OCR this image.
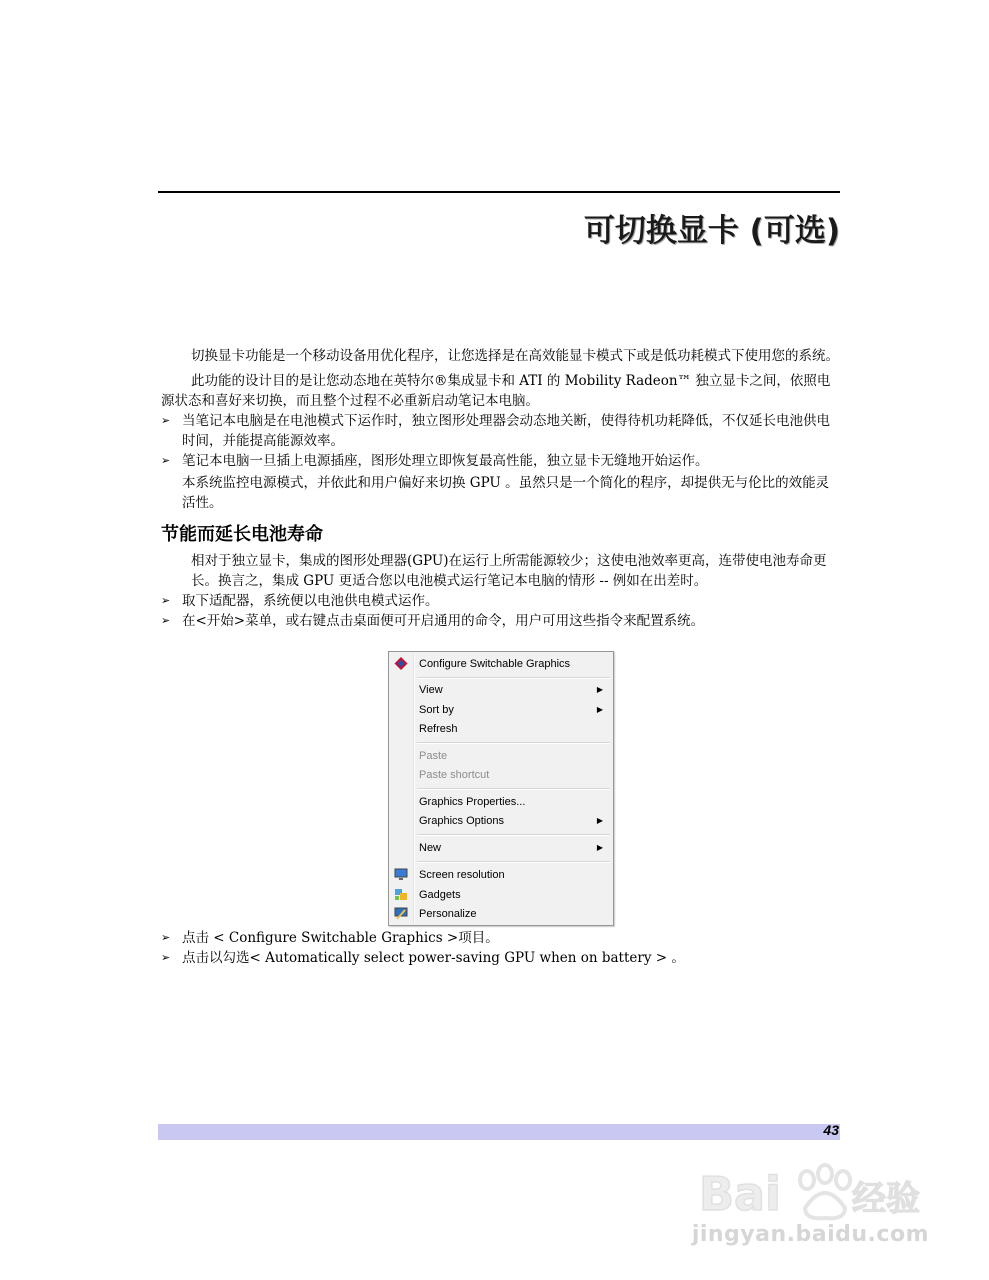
可切换显卡 (可选)

切换显卡功能是一个移动设备用优化程序，让您选择是在高效能显卡模式下或是低功耗模式下使用您的系统。

此功能的设计目的是让您动态地在英特尔®集成显卡和 ATI 的 Mobility Radeon™ 独立显卡之间，依照电源状态和喜好来切换，而且整个过程不必重新启动笔记本电脑。

➢ 当笔记本电脑是在电池模式下运作时，独立图形处理器会动态地关断，使得待机功耗降低，不仅延长电池供电时间，并能提高能源效率。
➢ 笔记本电脑一旦插上电源插座，图形处理立即恢复最高性能，独立显卡无缝地开始运作。

本系统监控电源模式，并依此和用户偏好来切换 GPU 。虽然只是一个简化的程序，却提供无与伦比的效能灵活性。

节能而延长电池寿命

相对于独立显卡，集成的图形处理器(GPU)在运行上所需能源较少；这使电池效率更高，连带使电池寿命更长。换言之，集成 GPU 更适合您以电池模式运行笔记本电脑的情形 -- 例如在出差时。

➢ 取下适配器，系统便以电池供电模式运作。
➢ 在<开始>菜单，或右键点击桌面便可开启通用的命令，用户可用这些指令来配置系统。
Configure Switchable Graphics
View	▶
Sort by	▶
Refresh
Paste
Paste shortcut
Graphics Properties...
Graphics Options	▶
New	▶
Screen resolution
Gadgets
Personalize
➢ 点击 < Configure Switchable Graphics >项目。
➢ 点击以勾选< Automatically select power-saving GPU when on battery > 。
43
Bai 经验
jingyan.baidu.com
